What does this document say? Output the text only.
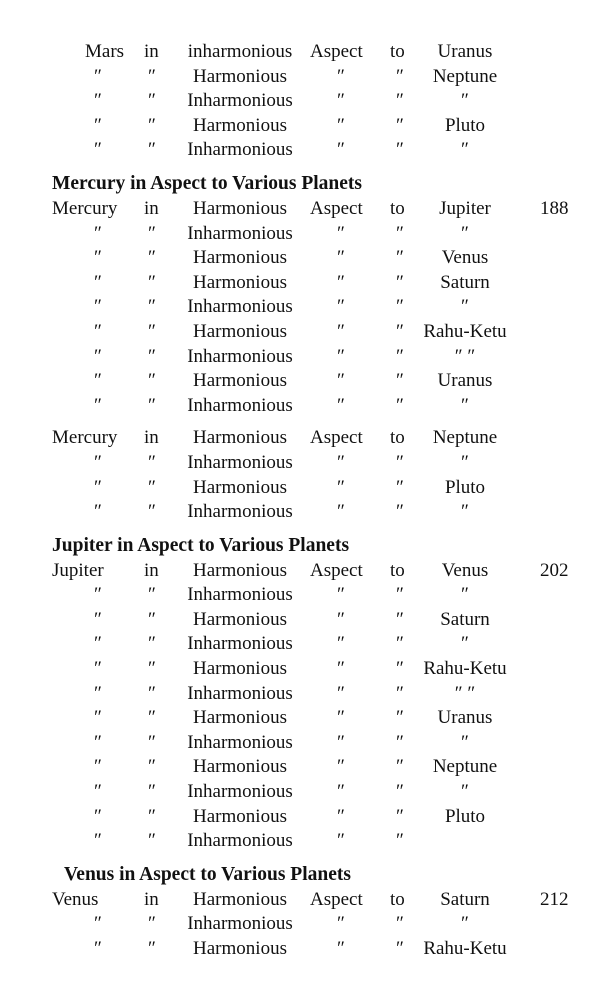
Mars in	inharmonious Aspect to	Uranus
″ ″	Harmonious	″	″	Neptune
″ ″	Inharmonious	″	″	″
″ ″	Harmonious	″	″	Pluto
″ ″	Inharmonious	″	″	″
Mercury in Aspect to Various Planets
Mercury in	Harmonious	Aspect to	Jupiter	188
″ ″	Inharmonious	″	″	″
″ ″	Harmonious	″	″	Venus
″ ″	Harmonious	″	″	Saturn
″ ″	Inharmonious	″	″	″
″ ″	Harmonious	″	″	Rahu-Ketu
″ ″	Inharmonious	″	″	″ ″
″ ″	Harmonious	″	″	Uranus
″ ″	Inharmonious	″	″	″
Mercury in	Harmonious	Aspect to	Neptune
″ ″	Inharmonious	″	″	″
″ ″	Harmonious	″	″	Pluto
″ ″	Inharmonious	″	″	″
Jupiter in Aspect to Various Planets
Jupiter in	Harmonious	Aspect to	Venus	202
″ ″	Inharmonious	″	″	″
″ ″	Harmonious	″	″	Saturn
″ ″	Inharmonious	″	″	″
″ ″	Harmonious	″	″	Rahu-Ketu
″ ″	Inharmonious	″	″	″ ″
″ ″	Harmonious	″	″	Uranus
″ ″	Inharmonious	″	″	″
″ ″	Harmonious	″	″	Neptune
″ ″	Inharmonious	″	″	″
″ ″	Harmonious	″	″	Pluto
″ ″	Inharmonious	″	″
Venus in Aspect to Various Planets
Venus in	Harmonious	Aspect to	Saturn	212
″ ″	Inharmonious	″	″	″
″ ″	Harmonious	″	″	Rahu-Ketu
